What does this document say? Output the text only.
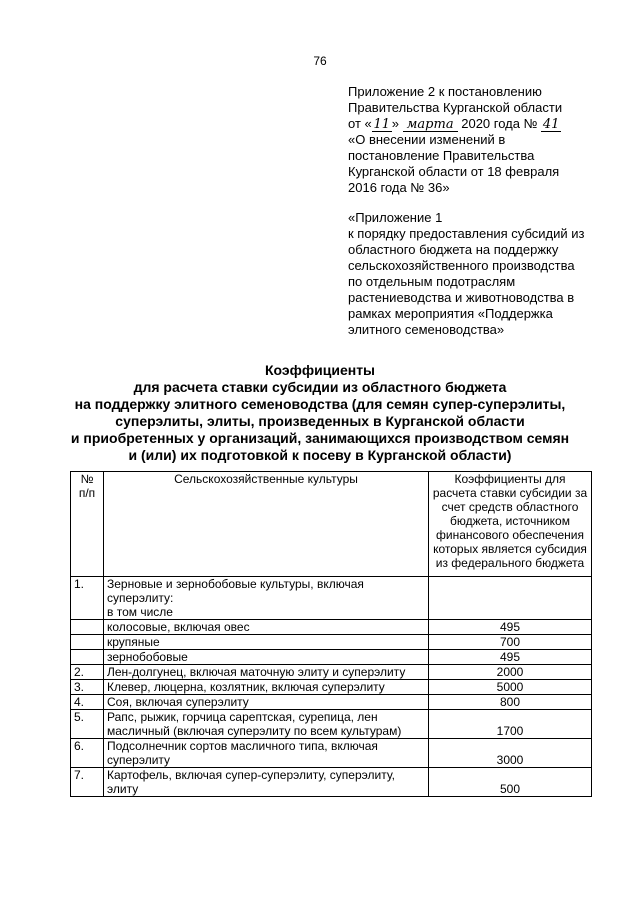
76
Приложение 2 к постановлению
Правительства Курганской области
от « 11 » марта 2020 года № 41
«О внесении изменений в
постановление Правительства
Курганской области от 18 февраля
2016 года № 36»
«Приложение 1
к порядку предоставления субсидий из
областного бюджета на поддержку
сельскохозяйственного производства
по отдельным подотраслям
растениеводства и животноводства в
рамках мероприятия «Поддержка
элитного семеноводства»
Коэффициенты
для расчета ставки субсидии из областного бюджета
на поддержку элитного семеноводства (для семян супер-суперэлиты,
суперэлиты, элиты, произведенных в Курганской области
и приобретенных у организаций, занимающихся производством семян
и (или) их подготовкой к посеву в Курганской области)
№ п/п	Сельскохозяйственные культуры	Коэффициенты для расчета ставки субсидии за счет средств областного бюджета, источником финансового обеспечения которых является субсидия из федерального бюджета
1.	Зерновые и зернобобовые культуры, включая суперэлиту:
в том числе	
	колосовые, включая овес	495
	крупяные	700
	зернобобовые	495
2.	Лен-долгунец, включая маточную элиту и суперэлиту	2000
3.	Клевер, люцерна, козлятник, включая суперэлиту	5000
4.	Соя, включая суперэлиту	800
5.	Рапс, рыжик, горчица сарептская, сурепица, лен масличный (включая суперэлиту по всем культурам)	1700
6.	Подсолнечник сортов масличного типа, включая суперэлиту	3000
7.	Картофель, включая супер-суперэлиту, суперэлиту, элиту	500
